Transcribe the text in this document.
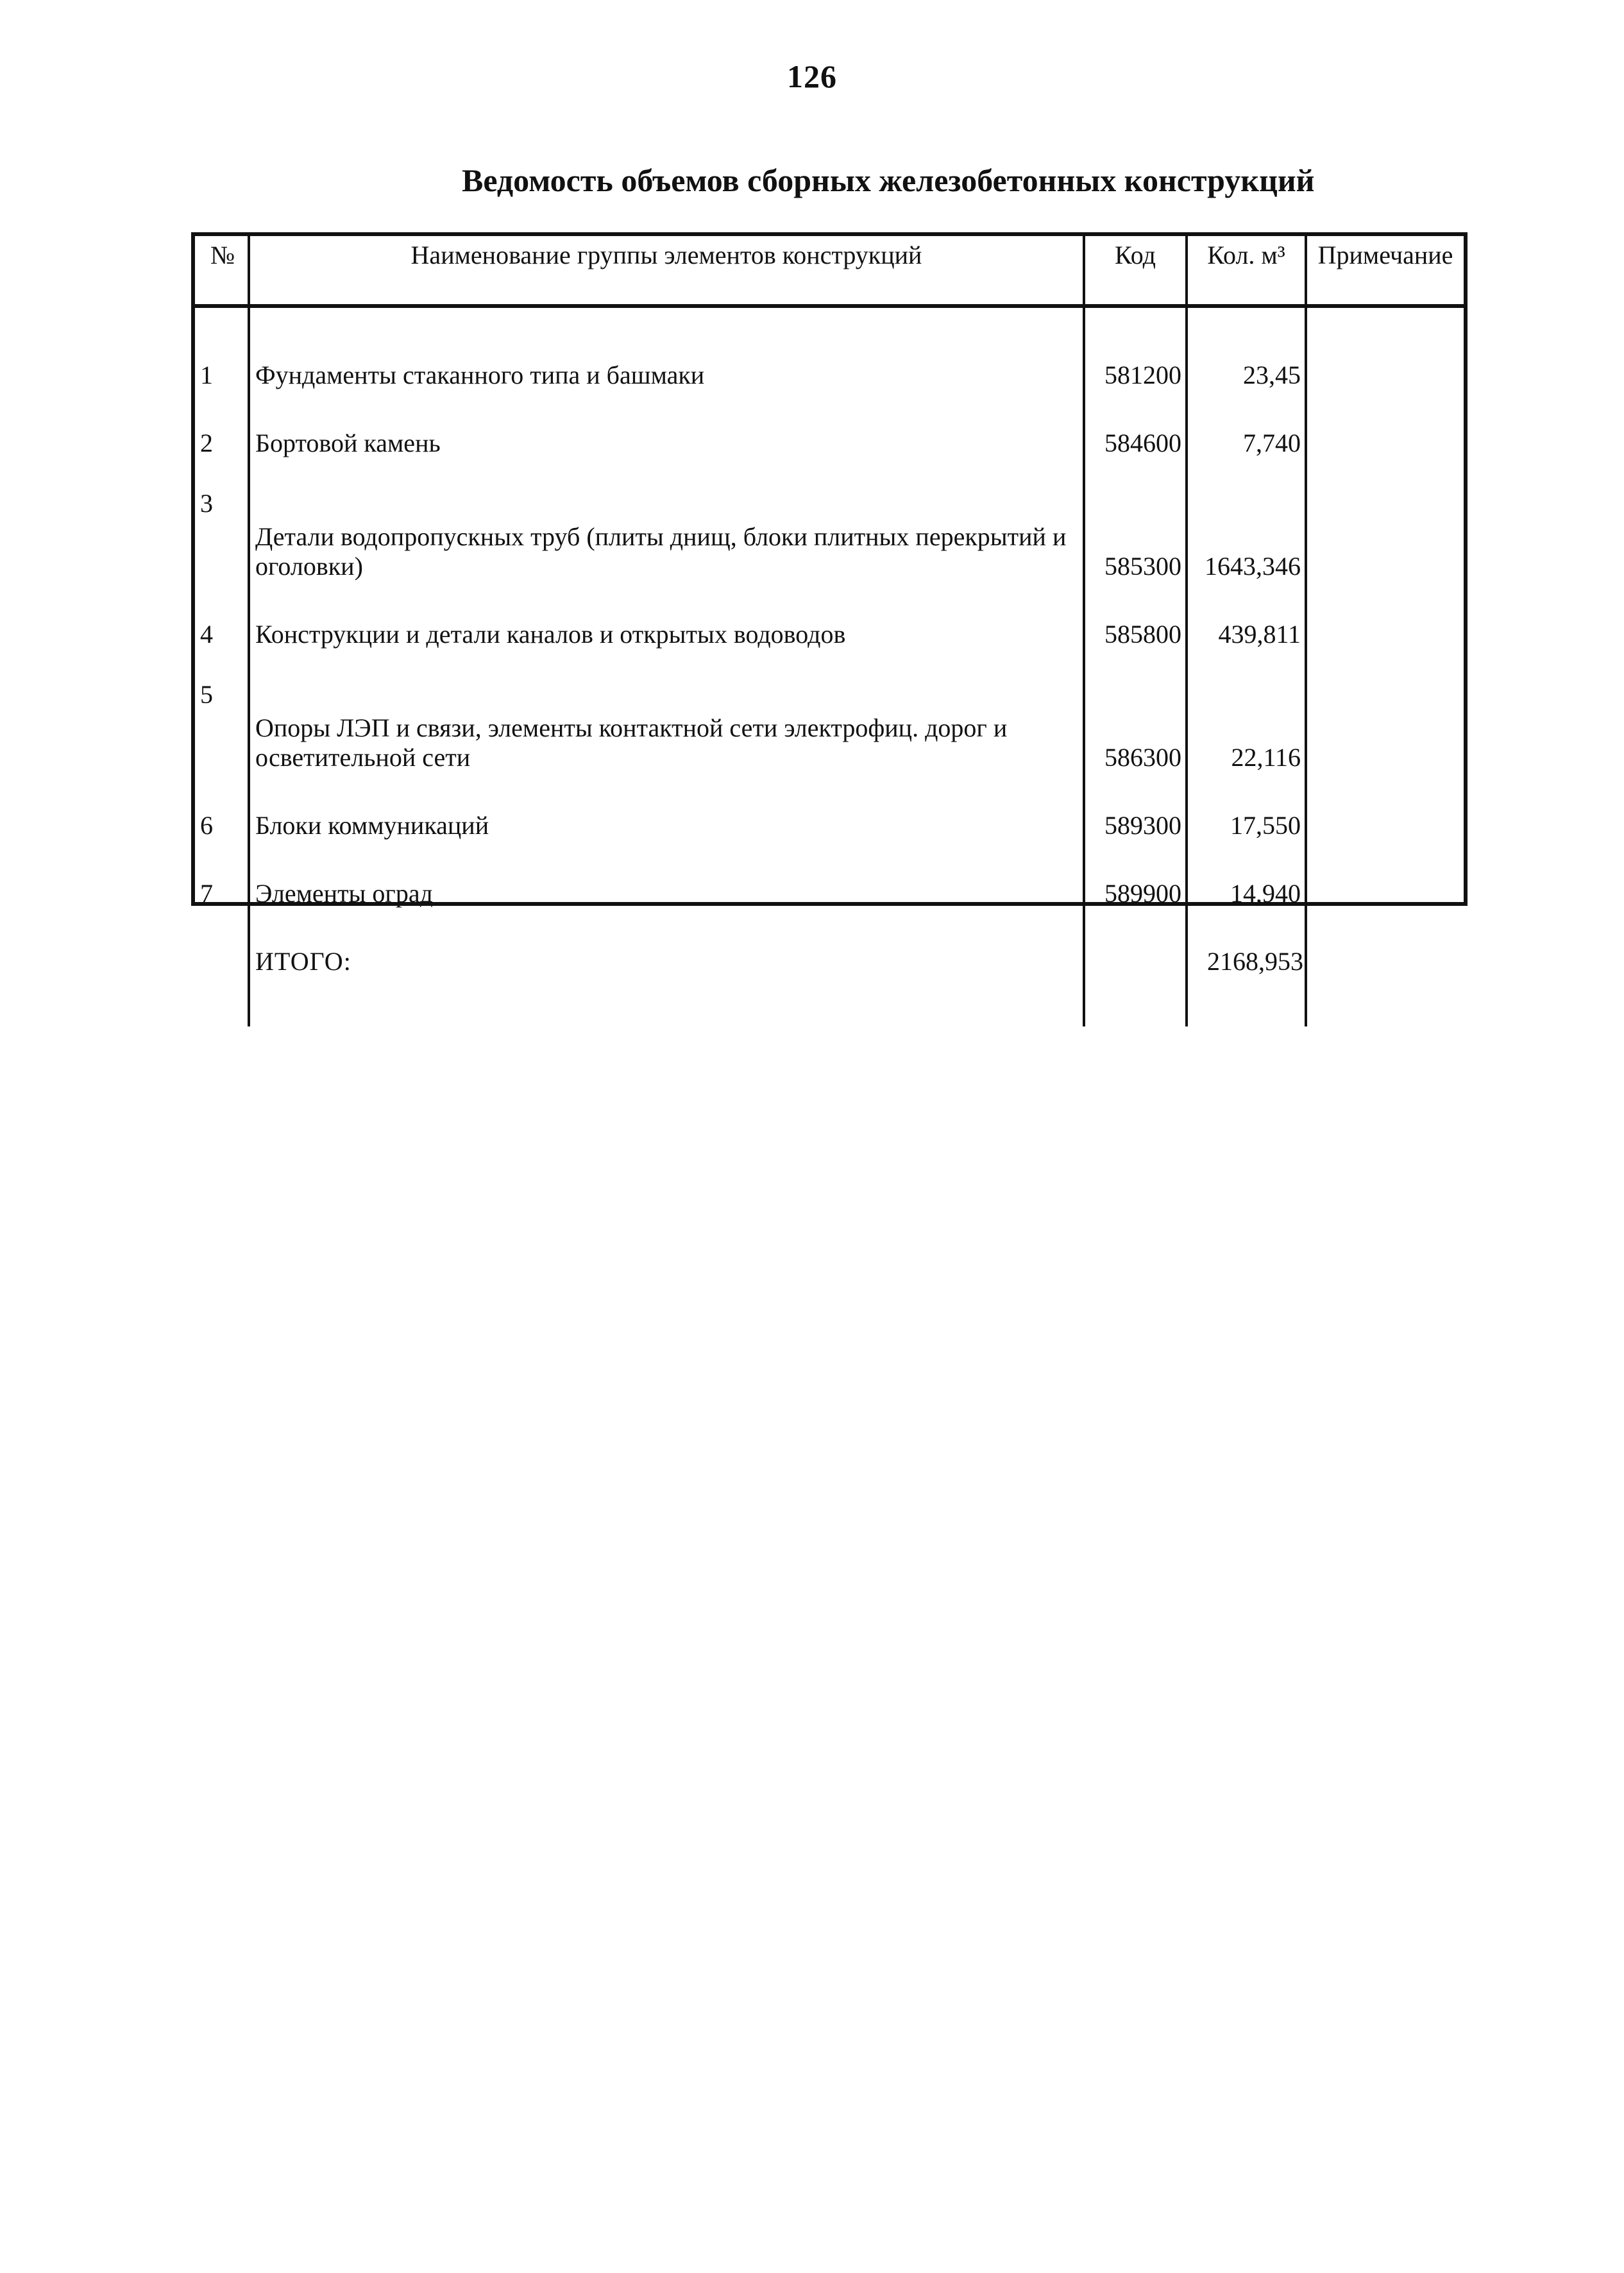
126
Ведомость объемов сборных железобетонных конструкций
№	Наименование группы элементов конструкций	Код	Кол. м³	Примечание

1	Фундаменты стаканного типа и башмаки	581200	23,45	
2	Бортовой камень	584600	7,740	
3	Детали водопропускных труб (плиты днищ, блоки плитных перекрытий и оголовки)	585300	1643,346	
4	Конструкции и детали каналов и открытых водоводов	585800	439,811	
5	Опоры ЛЭП и связи, элементы контактной сети электрофиц. дорог и осветительной сети	586300	22,116	
6	Блоки коммуникаций	589300	17,550	
7	Элементы оград	589900	14,940	
	ИТОГО:		2168,953	
